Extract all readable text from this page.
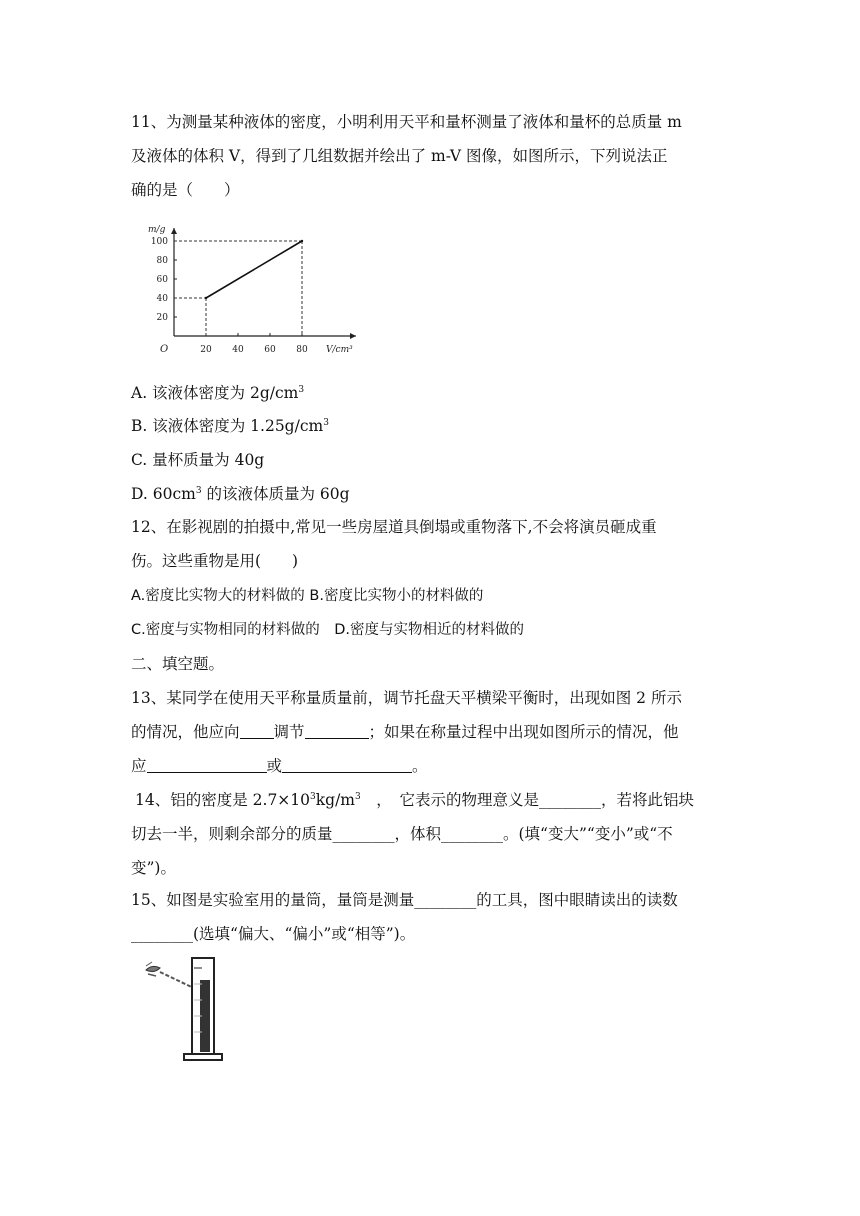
11、为测量某种液体的密度，小明利用天平和量杯测量了液体和量杯的总质量 m
及液体的体积 V，得到了几组数据并绘出了 m-V 图像，如图所示，下列说法正
确的是（　　）
m/g
V/cm³
O	20 40 60 80
20
40
60
80
100
A. 该液体密度为 $2g/cm^3$
B. 该液体密度为 $1.25g/cm^3$
C. 量杯质量为 40g
D. $60cm^3$ 的该液体质量为 60g
12、在影视剧的拍摄中,常见一些房屋道具倒塌或重物落下,不会将演员砸成重
伤。这些重物是用(　　)
A.密度比实物大的材料做的 B.密度比实物小的材料做的
C.密度与实物相同的材料做的　D.密度与实物相近的材料做的
二、填空题。
13、某同学在使用天平称量质量前，调节托盘天平横梁平衡时，出现如图 2 所示
的情况，他应向 调节	；如果在称量过程中出现如图所示的情况，他
应	或	。
14、铝的密度是 $2.7\times 10^3kg/m^3$　，　它表示的物理意义是________，若将此铝块
切去一半，则剩余部分的质量________，体积________。(填“变大”“变小”或“不
变”)。
15、如图是实验室用的量筒，量筒是测量________的工具，图中眼睛读出的读数
________(选填“偏大、“偏小”或“相等”)。
